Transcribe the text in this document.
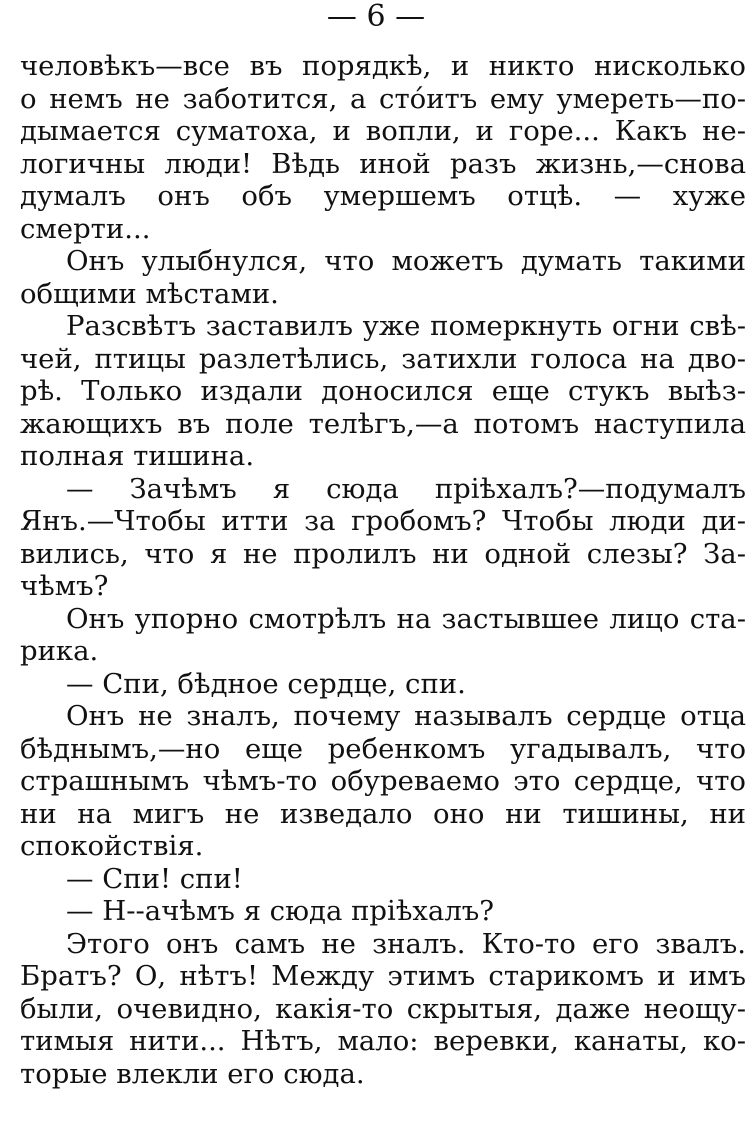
— 6 —
человѣкъ—все въ порядкѣ, и никто нисколько
о немъ не заботится, а стóитъ ему умереть—по-
дымается суматоха, и вопли, и горе... Какъ не-
логичны люди! Вѣдь иной разъ жизнь,—снова
думалъ онъ объ умершемъ отцѣ. — хуже
смерти...
Онъ улыбнулся, что можетъ думать такими
общими мѣстами.
Разсвѣтъ заставилъ уже померкнуть огни свѣ-
чей, птицы разлетѣлись, затихли голоса на дво-
рѣ. Только издали доносился еще стукъ выѣз-
жающихъ въ поле телѣгъ,—а потомъ наступила
полная тишина.
— Зачѣмъ я сюда пріѣхалъ?—подумалъ
Янъ.—Чтобы итти за гробомъ? Чтобы люди ди-
вились, что я не пролилъ ни одной слезы? За-
чѣмъ?
Онъ упорно смотрѣлъ на застывшее лицо ста-
рика.
— Спи, бѣдное сердце, спи.
Онъ не зналъ, почему называлъ сердце отца
бѣднымъ,—но еще ребенкомъ угадывалъ, что
страшнымъ чѣмъ-то обуреваемо это сердце, что
ни на мигъ не изведало оно ни тишины, ни
спокойствія.
— Спи! спи!
— Н--ачѣмъ я сюда пріѣхалъ?
Этого онъ самъ не зналъ. Кто-то его звалъ.
Братъ? О, нѣтъ! Между этимъ старикомъ и имъ
были, очевидно, какія-то скрытыя, даже неощу-
тимыя нити... Нѣтъ, мало: веревки, канаты, ко-
торые влекли его сюда.
